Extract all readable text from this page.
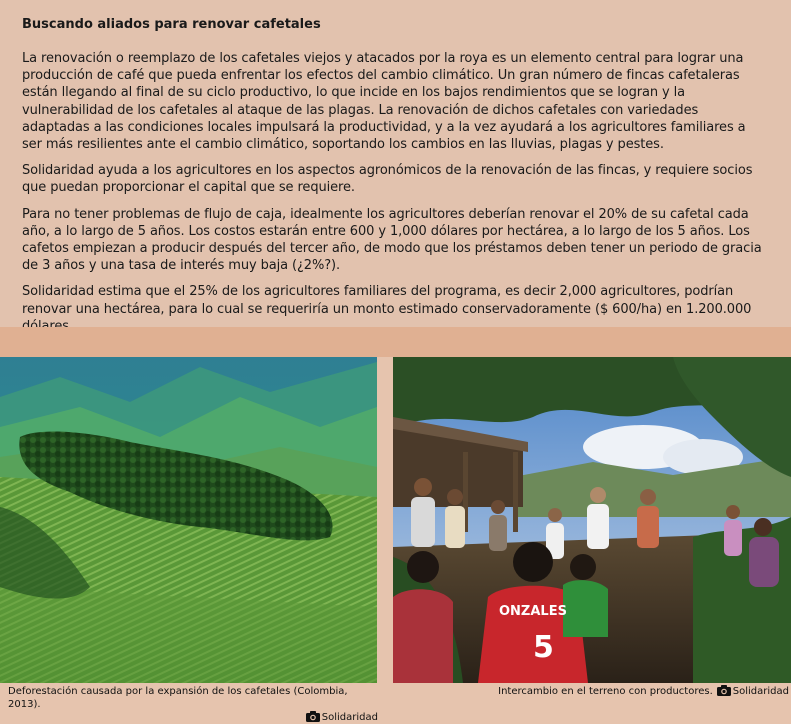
Buscando aliados para renovar cafetales

La renovación o reemplazo de los cafetales viejos y atacados por la roya es un elemento central para lograr una producción de café que pueda enfrentar los efectos del cambio climático. Un gran número de fincas cafetaleras están llegando al final de su ciclo productivo, lo que incide en los bajos rendimientos que se logran y la vulnerabilidad de los cafetales al ataque de las plagas. La renovación de dichos cafetales con variedades adaptadas a las condiciones locales impulsará la productividad, y a la vez ayudará a los agricultores familiares a ser más resilientes ante el cambio climático, soportando los cambios en las lluvias, plagas y pestes.

Solidaridad ayuda a los agricultores en los aspectos agronómicos de la renovación de las fincas, y requiere socios que puedan proporcionar el capital que se requiere.

Para no tener problemas de flujo de caja, idealmente los agricultores deberían renovar el 20% de su cafetal cada año, a lo largo de 5 años. Los costos estarán entre 600 y 1,000 dólares por hectárea, a lo largo de los 5 años. Los cafetos empiezan a producir después del tercer año, de modo que los préstamos deben tener un periodo de gracia de 3 años y una tasa de interés muy baja (¿2%?).

Solidaridad estima que el 25% de los agricultores familiares del programa, es decir 2,000 agricultores, podrían renovar una hectárea, para lo cual se requeriría un monto estimado conservadoramente ($ 600/ha) en 1.200.000

ONZALES
5
Deforestación causada por la expansión de los cafetales (Colombia, 2013).
Solidaridad
Intercambio en el terreno con productores. Solidaridad
